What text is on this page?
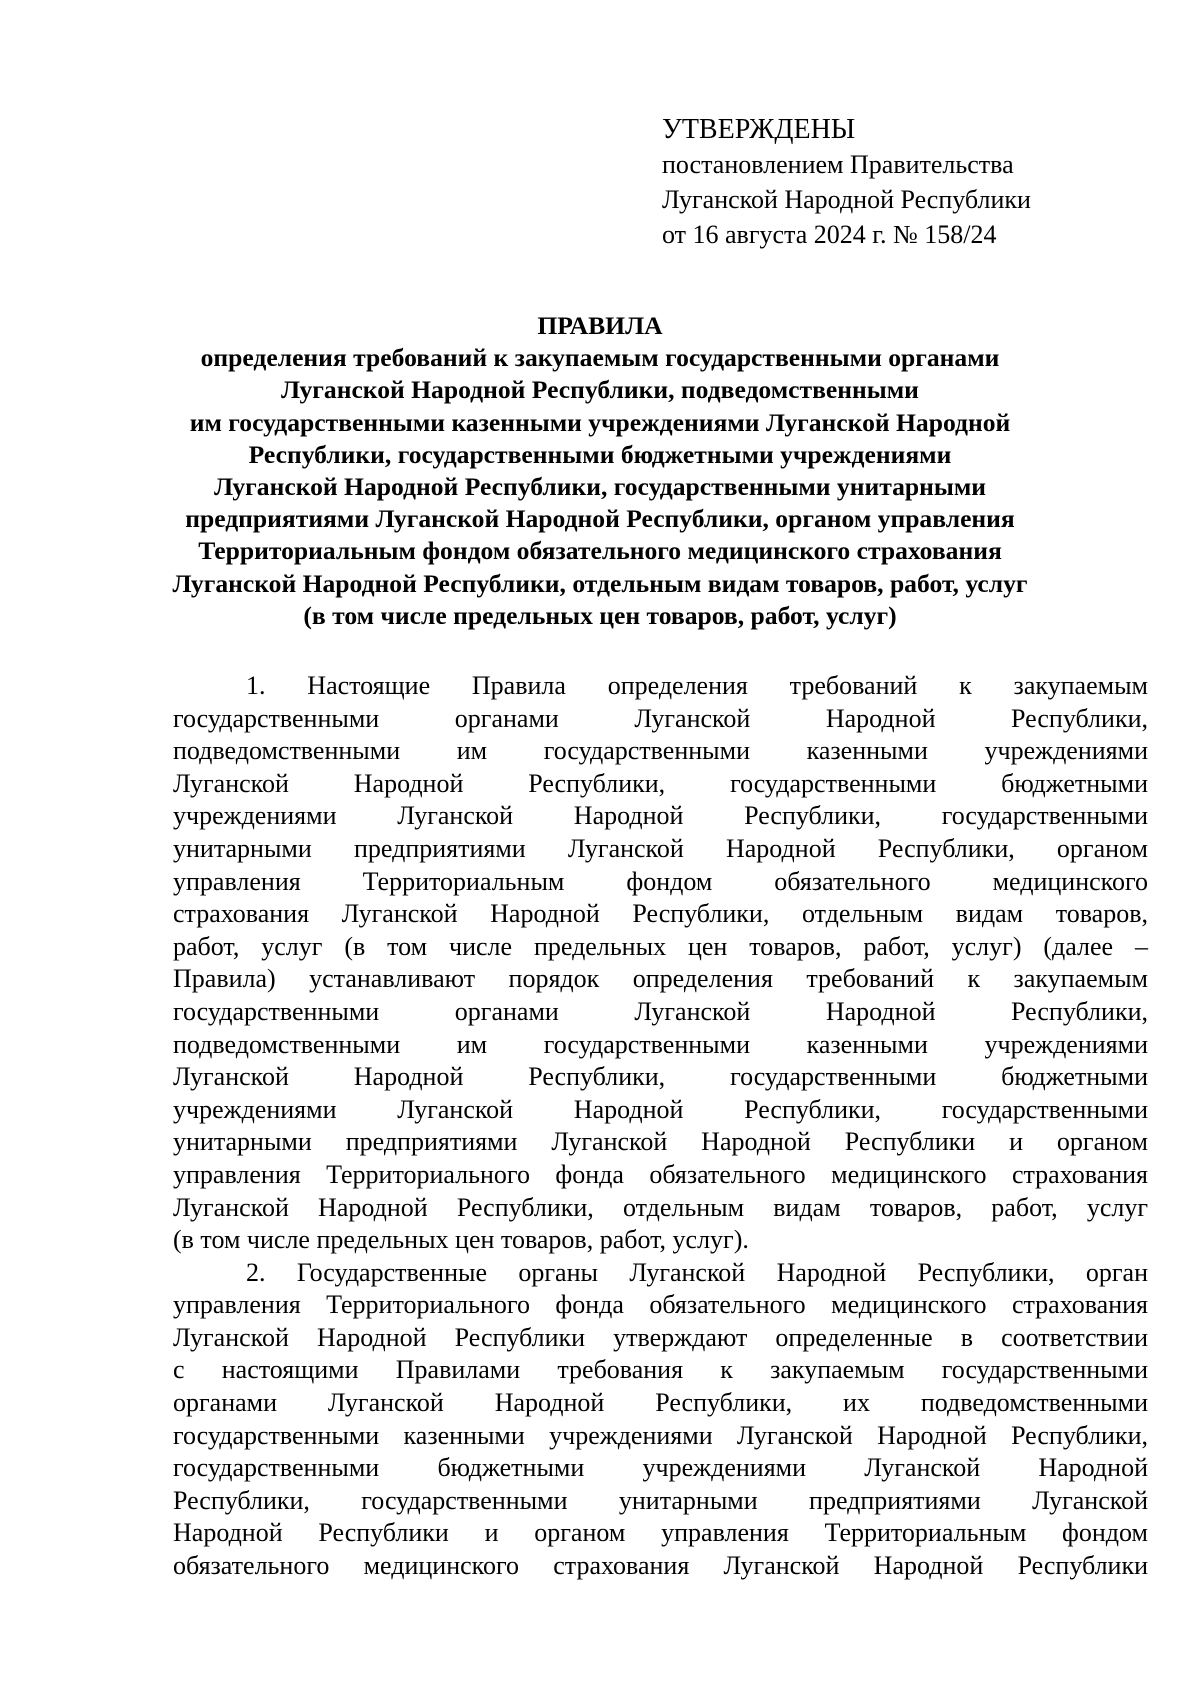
УТВЕРЖДЕНЫ
постановлением Правительства
Луганской Народной Республики
от 16 августа 2024 г. № 158/24
ПРАВИЛА
определения требований к закупаемым государственными органами
Луганской Народной Республики, подведомственными
им государственными казенными учреждениями Луганской Народной
Республики, государственными бюджетными учреждениями
Луганской Народной Республики, государственными унитарными
предприятиями Луганской Народной Республики, органом управления
Территориальным фондом обязательного медицинского страхования
Луганской Народной Республики, отдельным видам товаров, работ, услуг
(в том числе предельных цен товаров, работ, услуг)
1. Настоящие Правила определения требований к закупаемым
государственными органами Луганской Народной Республики,
подведомственными им государственными казенными учреждениями
Луганской Народной Республики, государственными бюджетными
учреждениями Луганской Народной Республики, государственными
унитарными предприятиями Луганской Народной Республики, органом
управления Территориальным фондом обязательного медицинского
страхования Луганской Народной Республики, отдельным видам товаров,
работ, услуг (в том числе предельных цен товаров, работ, услуг) (далее –
Правила) устанавливают порядок определения требований к закупаемым
государственными органами Луганской Народной Республики,
подведомственными им государственными казенными учреждениями
Луганской Народной Республики, государственными бюджетными
учреждениями Луганской Народной Республики, государственными
унитарными предприятиями Луганской Народной Республики и органом
управления Территориального фонда обязательного медицинского страхования
Луганской Народной Республики, отдельным видам товаров, работ, услуг
(в том числе предельных цен товаров, работ, услуг).
2. Государственные органы Луганской Народной Республики, орган
управления Территориального фонда обязательного медицинского страхования
Луганской Народной Республики утверждают определенные в соответствии
с настоящими Правилами требования к закупаемым государственными
органами Луганской Народной Республики, их подведомственными
государственными казенными учреждениями Луганской Народной Республики,
государственными бюджетными учреждениями Луганской Народной
Республики, государственными унитарными предприятиями Луганской
Народной Республики и органом управления Территориальным фондом
обязательного медицинского страхования Луганской Народной Республики
